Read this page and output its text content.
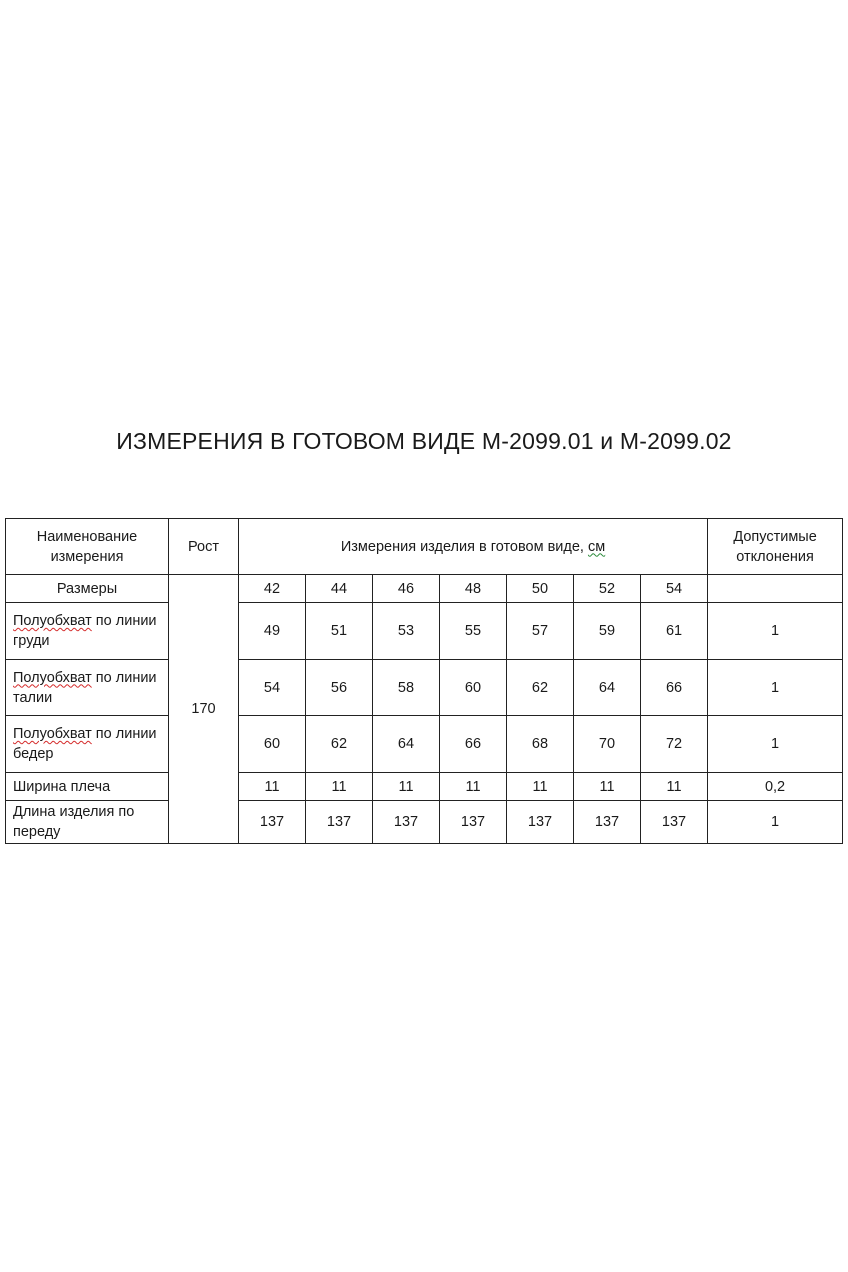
ИЗМЕРЕНИЯ В ГОТОВОМ ВИДЕ М-2099.01 и М-2099.02
Наименование измерения	Рост	Измерения изделия в готовом виде, см							Допустимые отклонения
Размеры	170	42	44	46	48	50	52	54	
Полуобхват по линии груди		49	51	53	55	57	59	61	1
Полуобхват по линии талии		54	56	58	60	62	64	66	1
Полуобхват по линии бедер		60	62	64	66	68	70	72	1
Ширина плеча		11	11	11	11	11	11	11	0,2
Длина изделия по переду		137	137	137	137	137	137	137	1
